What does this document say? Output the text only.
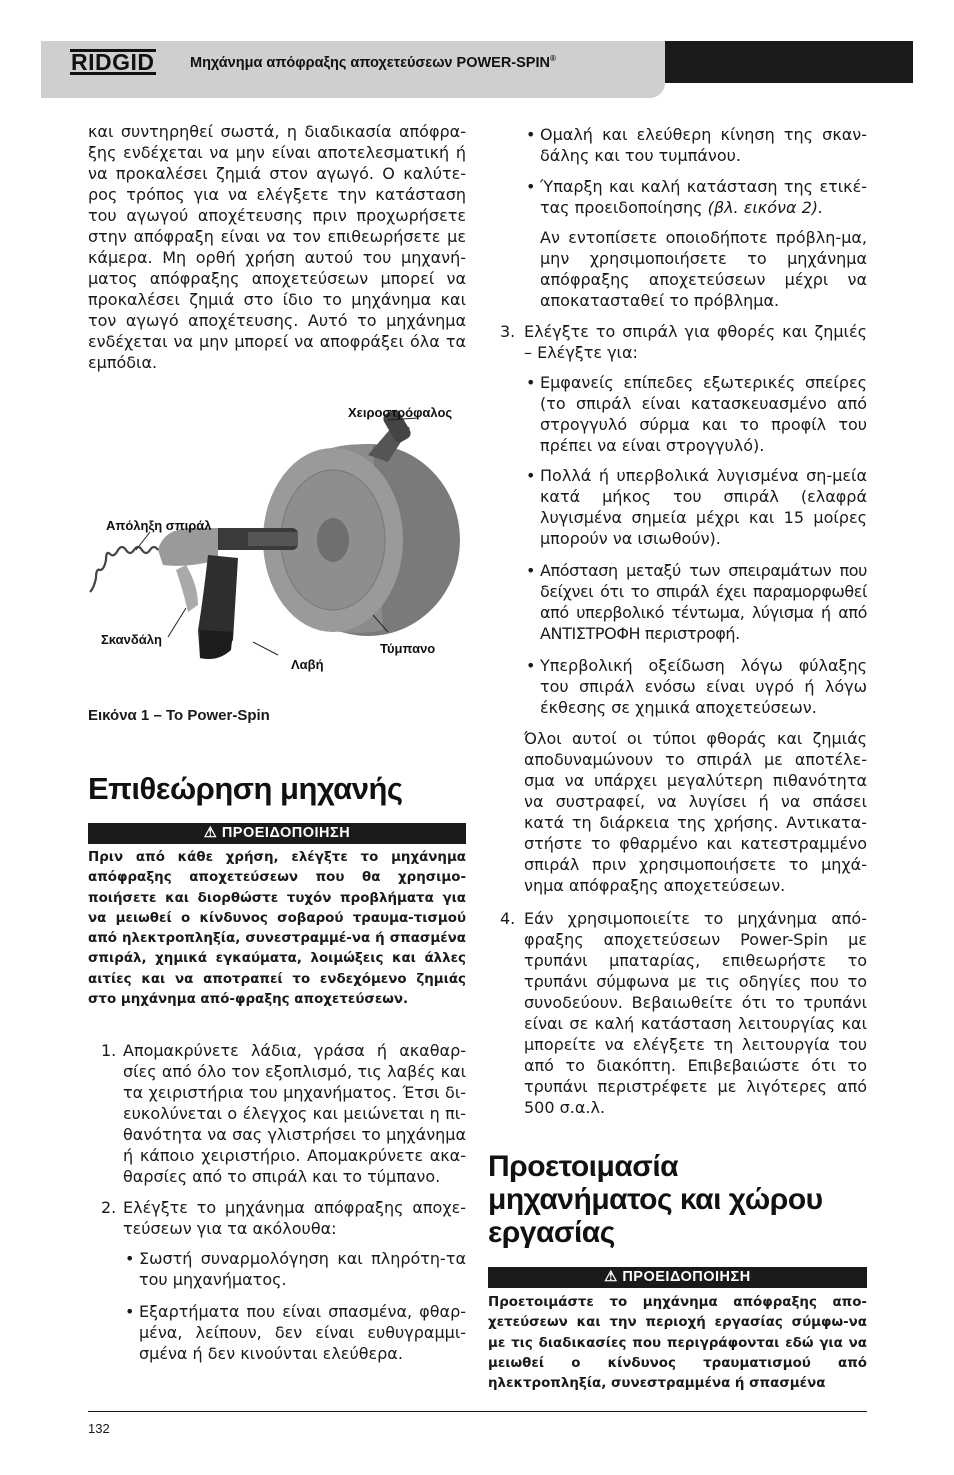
RIDGID Μηχάνημα απόφραξης αποχετεύσεων POWER-SPIN®

και συντηρηθεί σωστά, η διαδικασία απόφρα-ξης ενδέχεται να μην είναι αποτελεσματική ή να προκαλέσει ζημιά στον αγωγό. Ο καλύτε-ρος τρόπος για να ελέγξετε την κατάσταση του αγωγού αποχέτευσης πριν προχωρήσετε στην απόφραξη είναι να τον επιθεωρήσετε με κάμερα. Μη ορθή χρήση αυτού του μηχανή-ματος απόφραξης αποχετεύσεων μπορεί να προκαλέσει ζημιά στο ίδιο το μηχάνημα και τον αγωγό αποχέτευσης. Αυτό το μηχάνημα ενδέχεται να μην μπορεί να αποφράξει όλα τα εμπόδια.

Χειροστρόφαλος
Απόληξη σπιράλ
Σκανδάλη
Τύμπανο
Λαβή
Εικόνα 1 – Το Power-Spin
Επιθεώρηση μηχανής
⚠ ΠΡΟΕΙΔΟΠΟΙΗΣΗ
Πριν από κάθε χρήση, ελέγξτε το μηχάνημα απόφραξης αποχετεύσεων που θα χρησιμο-ποιήσετε και διορθώστε τυχόν προβλήματα για να μειωθεί ο κίνδυνος σοβαρού τραυμα-τισμού από ηλεκτροπληξία, συνεστραμμέ-να ή σπασμένα σπιράλ, χημικά εγκαύματα, λοιμώξεις και άλλες αιτίες και να αποτραπεί το ενδεχόμενο ζημιάς στο μηχάνημα από-φραξης αποχετεύσεων.
1. Απομακρύνετε λάδια, γράσα ή ακαθαρ-σίες από όλο τον εξοπλισμό, τις λαβές και τα χειριστήρια του μηχανήματος. Έτσι δι-ευκολύνεται ο έλεγχος και μειώνεται η πι-θανότητα να σας γλιστρήσει το μηχάνημα ή κάποιο χειριστήριο. Απομακρύνετε ακα-θαρσίες από το σπιράλ και το τύμπανο.

2. Ελέγξτε το μηχάνημα απόφραξης αποχε-τεύσεων για τα ακόλουθα:

• Σωστή συναρμολόγηση και πληρότη-τα του μηχανήματος.

• Εξαρτήματα που είναι σπασμένα, φθαρ-μένα, λείπουν, δεν είναι ευθυγραμμι-σμένα ή δεν κινούνται ελεύθερα.

• Ομαλή και ελεύθερη κίνηση της σκαν-δάλης και του τυμπάνου.

• Ύπαρξη και καλή κατάσταση της ετικέ-τας προειδοποίησης (βλ. εικόνα 2).

Αν εντοπίσετε οποιοδήποτε πρόβλη-μα, μην χρησιμοποιήσετε το μηχάνημα απόφραξης αποχετεύσεων μέχρι να αποκατασταθεί το πρόβλημα.

3. Ελέγξτε το σπιράλ για φθορές και ζημιές – Ελέγξτε για:

• Εμφανείς επίπεδες εξωτερικές σπείρες (το σπιράλ είναι κατασκευασμένο από στρογγυλό σύρμα και το προφίλ του πρέπει να είναι στρογγυλό).

• Πολλά ή υπερβολικά λυγισμένα ση-μεία κατά μήκος του σπιράλ (ελαφρά λυγισμένα σημεία μέχρι και 15 μοίρες μπορούν να ισιωθούν).

• Απόσταση μεταξύ των σπειραμάτων που δείχνει ότι το σπιράλ έχει παραμορφωθεί από υπερβολικό τέντωμα, λύγισμα ή από ΑΝΤΙΣΤΡΟΦΗ περιστροφή.

• Υπερβολική οξείδωση λόγω φύλαξης του σπιράλ ενόσω είναι υγρό ή λόγω έκθεσης σε χημικά αποχετεύσεων.

Όλοι αυτοί οι τύποι φθοράς και ζημιάς αποδυναμώνουν το σπιράλ με αποτέλε-σμα να υπάρχει μεγαλύτερη πιθανότητα να συστραφεί, να λυγίσει ή να σπάσει κατά τη διάρκεια της χρήσης. Αντικατα-στήστε το φθαρμένο και κατεστραμμένο σπιράλ πριν χρησιμοποιήσετε το μηχά-νημα απόφραξης αποχετεύσεων.

4. Εάν χρησιμοποιείτε το μηχάνημα από-φραξης αποχετεύσεων Power-Spin με τρυπάνι μπαταρίας, επιθεωρήστε το τρυπάνι σύμφωνα με τις οδηγίες που το συνοδεύουν. Βεβαιωθείτε ότι το τρυπάνι είναι σε καλή κατάσταση λειτουργίας και μπορείτε να ελέγξετε τη λειτουργία του από το διακόπτη. Επιβεβαιώστε ότι το τρυπάνι περιστρέφετε με λιγότερες από 500 σ.α.λ.

Προετοιμασία μηχανήματος και χώρου εργασίας
⚠ ΠΡΟΕΙΔΟΠΟΙΗΣΗ
Προετοιμάστε το μηχάνημα απόφραξης απο-χετεύσεων και την περιοχή εργασίας σύμφω-να με τις διαδικασίες που περιγράφονται εδώ για να μειωθεί ο κίνδυνος τραυματισμού από ηλεκτροπληξία, συνεστραμμένα ή σπασμένα
132
